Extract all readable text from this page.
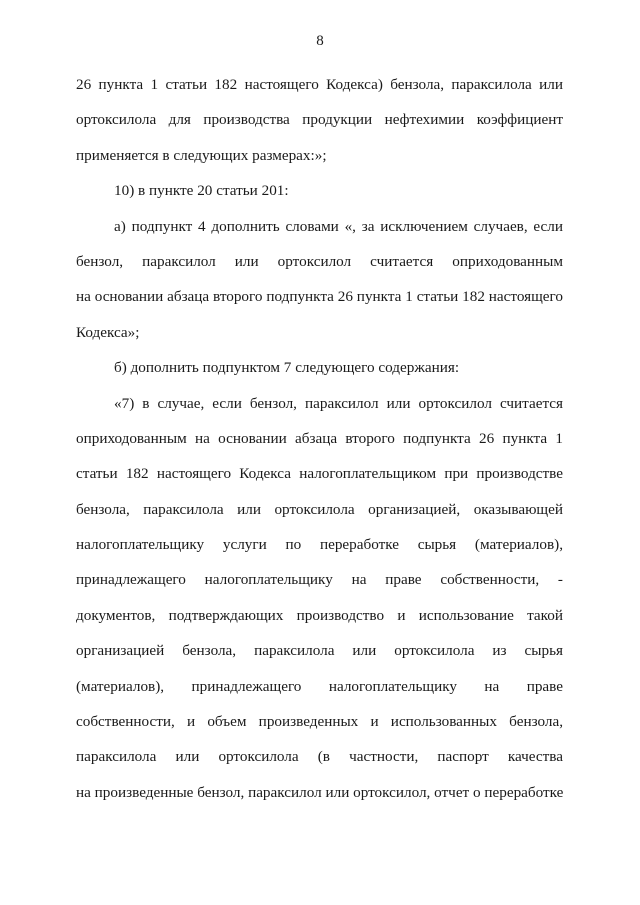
8
26 пункта 1 статьи 182 настоящего Кодекса) бензола, параксилола или
ортоксилола для производства продукции нефтехимии коэффициент
применяется в следующих размерах:»;
10) в пункте 20 статьи 201:
а) подпункт 4 дополнить словами «, за исключением случаев, если
бензол, параксилол или ортоксилол считается оприходованным
на основании абзаца второго подпункта 26 пункта 1 статьи 182 настоящего
Кодекса»;
б) дополнить подпунктом 7 следующего содержания:
«7) в случае, если бензол, параксилол или ортоксилол считается
оприходованным на основании абзаца второго подпункта 26 пункта 1
статьи 182 настоящего Кодекса налогоплательщиком при производстве
бензола, параксилола или ортоксилола организацией, оказывающей
налогоплательщику услуги по переработке сырья (материалов),
принадлежащего налогоплательщику на праве собственности, -
документов, подтверждающих производство и использование такой
организацией бензола, параксилола или ортоксилола из сырья
(материалов), принадлежащего налогоплательщику на праве
собственности, и объем произведенных и использованных бензола,
параксилола или ортоксилола (в частности, паспорт качества
на произведенные бензол, параксилол или ортоксилол, отчет о переработке
